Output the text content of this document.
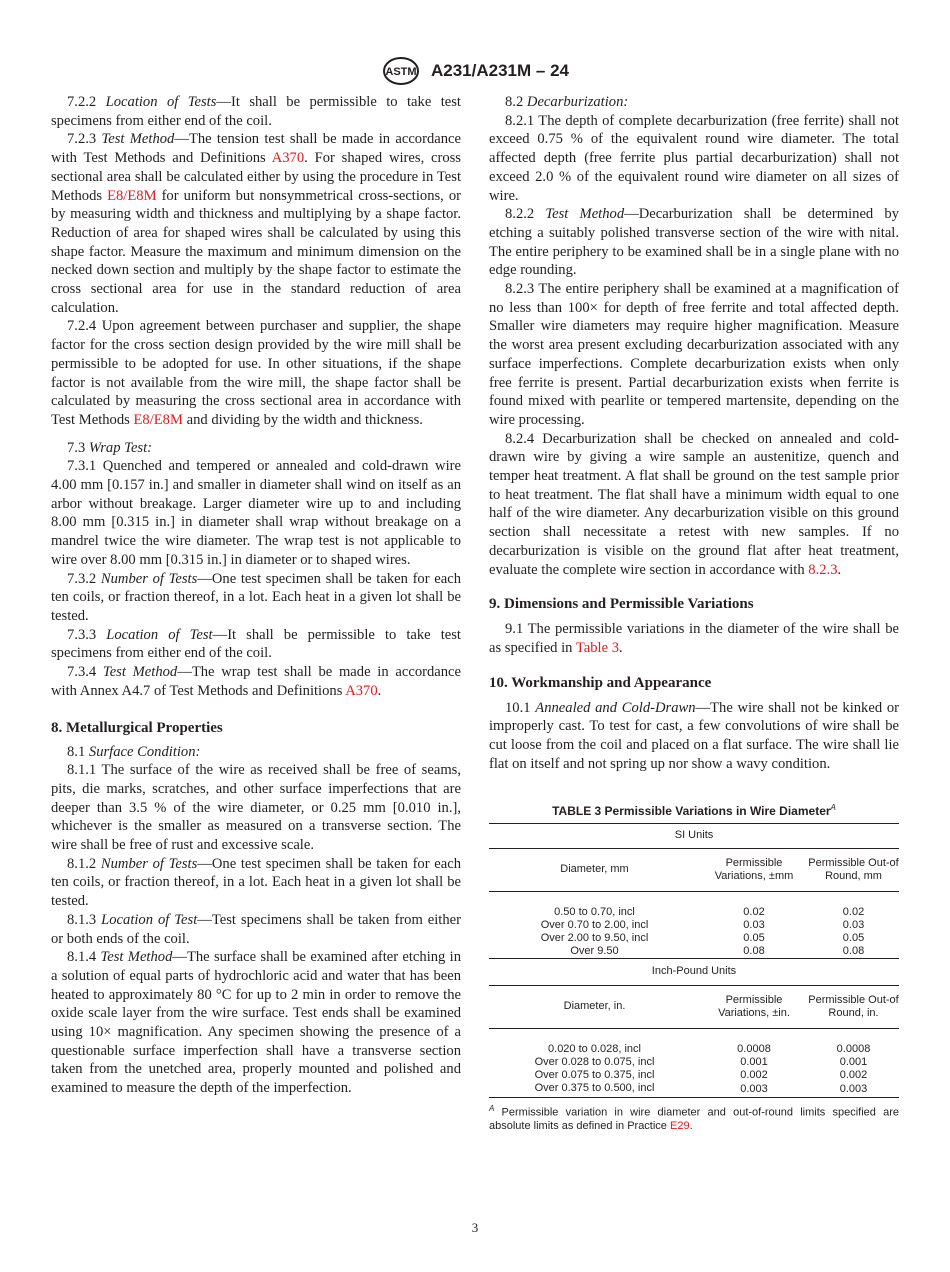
ASTM A231/A231M – 24

7.2.2 Location of Tests—It shall be permissible to take test specimens from either end of the coil.

7.2.3 Test Method—The tension test shall be made in accordance with Test Methods and Definitions A370. For shaped wires, cross sectional area shall be calculated either by using the procedure in Test Methods E8/E8M for uniform but nonsymmetrical cross-sections, or by measuring width and thickness and multiplying by a shape factor. Reduction of area for shaped wires shall be calculated by using this shape factor. Measure the maximum and minimum dimension on the necked down section and multiply by the shape factor to estimate the cross sectional area for use in the standard reduction of area calculation.

7.2.4 Upon agreement between purchaser and supplier, the shape factor for the cross section design provided by the wire mill shall be permissible to be adopted for use. In other situations, if the shape factor is not available from the wire mill, the shape factor shall be calculated by measuring the cross sectional area in accordance with Test Methods E8/E8M and dividing by the width and thickness.

7.3 Wrap Test:

7.3.1 Quenched and tempered or annealed and cold-drawn wire 4.00 mm [0.157 in.] and smaller in diameter shall wind on itself as an arbor without breakage. Larger diameter wire up to and including 8.00 mm [0.315 in.] in diameter shall wrap without breakage on a mandrel twice the wire diameter. The wrap test is not applicable to wire over 8.00 mm [0.315 in.] in diameter or to shaped wires.

7.3.2 Number of Tests—One test specimen shall be taken for each ten coils, or fraction thereof, in a lot. Each heat in a given lot shall be tested.

7.3.3 Location of Test—It shall be permissible to take test specimens from either end of the coil.

7.3.4 Test Method—The wrap test shall be made in accordance with Annex A4.7 of Test Methods and Definitions A370.

8. Metallurgical Properties

8.1 Surface Condition:

8.1.1 The surface of the wire as received shall be free of seams, pits, die marks, scratches, and other surface imperfections that are deeper than 3.5 % of the wire diameter, or 0.25 mm [0.010 in.], whichever is the smaller as measured on a transverse section. The wire shall be free of rust and excessive scale.

8.1.2 Number of Tests—One test specimen shall be taken for each ten coils, or fraction thereof, in a lot. Each heat in a given lot shall be tested.

8.1.3 Location of Test—Test specimens shall be taken from either or both ends of the coil.

8.1.4 Test Method—The surface shall be examined after etching in a solution of equal parts of hydrochloric acid and water that has been heated to approximately 80 °C for up to 2 min in order to remove the oxide scale layer from the wire surface. Test ends shall be examined using 10× magnification. Any specimen showing the presence of a questionable surface imperfection shall have a transverse section taken from the unetched area, properly mounted and polished and examined to measure the depth of the imperfection.

8.2 Decarburization:

8.2.1 The depth of complete decarburization (free ferrite) shall not exceed 0.75 % of the equivalent round wire diameter. The total affected depth (free ferrite plus partial decarburization) shall not exceed 2.0 % of the equivalent round wire diameter on all sizes of wire.

8.2.2 Test Method—Decarburization shall be determined by etching a suitably polished transverse section of the wire with nital. The entire periphery to be examined shall be in a single plane with no edge rounding.

8.2.3 The entire periphery shall be examined at a magnification of no less than 100× for depth of free ferrite and total affected depth. Smaller wire diameters may require higher magnification. Measure the worst area present excluding decarburization associated with any surface imperfections. Complete decarburization exists when only free ferrite is present. Partial decarburization exists when ferrite is found mixed with pearlite or tempered martensite, depending on the wire processing.

8.2.4 Decarburization shall be checked on annealed and cold-drawn wire by giving a wire sample an austenitize, quench and temper heat treatment. A flat shall be ground on the test sample prior to heat treatment. The flat shall have a minimum width equal to one half of the wire diameter. Any decarburization visible on this ground section shall necessitate a retest with new samples. If no decarburization is visible on the ground flat after heat treatment, evaluate the complete wire section in accordance with 8.2.3.

9. Dimensions and Permissible Variations

9.1 The permissible variations in the diameter of the wire shall be as specified in Table 3.

10. Workmanship and Appearance

10.1 Annealed and Cold-Drawn—The wire shall not be kinked or improperly cast. To test for cast, a few convolutions of wire shall be cut loose from the coil and placed on a flat surface. The wire shall lie flat on itself and not spring up nor show a wavy condition.

TABLE 3 Permissible Variations in Wire Diameter$^A$
SI Units		
Diameter, mm	Permissible Variations, ±mm	Permissible Out-of Round, mm
0.50 to 0.70, incl	0.02	0.02
Over 0.70 to 2.00, incl	0.03	0.03
Over 2.00 to 9.50, incl	0.05	0.05
Over 9.50	0.08	0.08
Inch-Pound Units		
Diameter, in.	Permissible Variations, ±in.	Permissible Out-of Round, in.
0.020 to 0.028, incl	0.0008	0.0008
Over 0.028 to 0.075, incl	0.001	0.001
Over 0.075 to 0.375, incl	0.002	0.002
Over 0.375 to 0.500, incl	0.003	0.003
$^A$ Permissible variation in wire diameter and out-of-round limits specified are absolute limits as defined in Practice E29.
3
